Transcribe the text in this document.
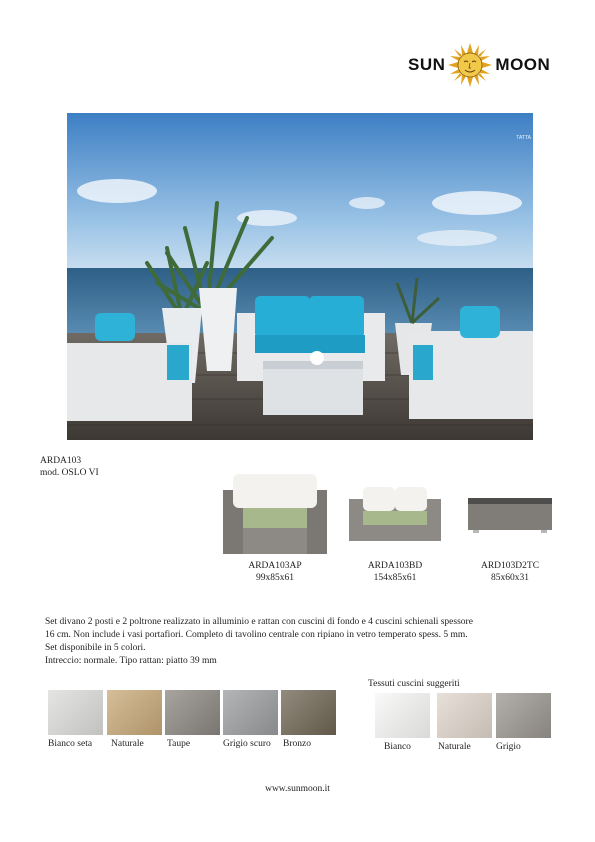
SUN	MOON
TATTA
ARDA103
mod. OSLO VI
ARDA103AP
99x85x61
ARDA103BD
154x85x61
ARD103D2TC
85x60x31

Set divano 2 posti e 2 poltrone realizzato in alluminio e rattan con cuscini di fondo e 4 cuscini schienali spessore

16 cm. Non include i vasi portafiori. Completo di tavolino centrale con ripiano in vetro temperato spess. 5 mm.

Set disponibile in 5 colori.

Intreccio: normale. Tipo rattan: piatto 39 mm

Bianco seta	Naturale	Taupe	Grigio scuro	Bronzo
Tessuti cuscini suggeriti
Bianco	Naturale	Grigio
www.sunmoon.it
